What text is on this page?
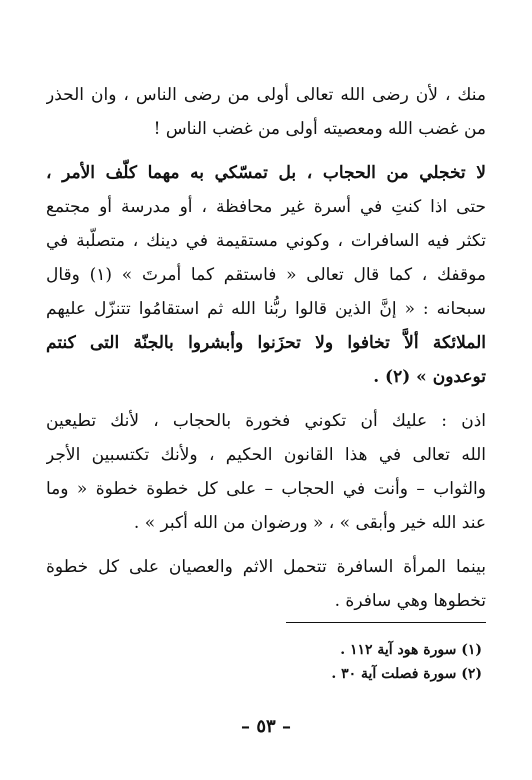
منك ، لأن رضى الله تعالى أولى من رضى الناس ، وان الحذر
من غضب الله ومعصيته أولى من غضب الناس !
لا تخجلي من الحجاب ، بل تمسّكي به مهما كلّف الأمر ،
حتى اذا كنتِ في أسرة غير محافظة ، أو مدرسة أو مجتمع
تكثر فيه السافرات ، وكوني مستقيمة في دينك ، متصلّبة في
موقفك ، كما قال تعالى « فاستقم كما أمرتَ » (١) وقال
سبحانه : « إنَّ الذين قالوا ربُّنا الله ثم استقامُوا تتنزّل عليهم
الملائكة ألاَّ تخافوا ولا تحزَنوا وأبشروا بالجنّة التى كنتم
توعدون » (٢) .
اذن : عليك أن تكوني فخورة بالحجاب ، لأنك تطيعين
الله تعالى في هذا القانون الحكيم ، ولأنك تكتسبين الأجر
والثواب – وأنت في الحجاب – على كل خطوة خطوة « وما
عند الله خير وأبقى » ، « ورضوان من الله أكبر » .
بينما المرأة السافرة تتحمل الاثم والعصيان على كل خطوة
تخطوها وهي سافرة .
(١) سورة هود آية ١١٢ .
(٢) سورة فصلت آية ٣٠ .
– ٥٣ –
